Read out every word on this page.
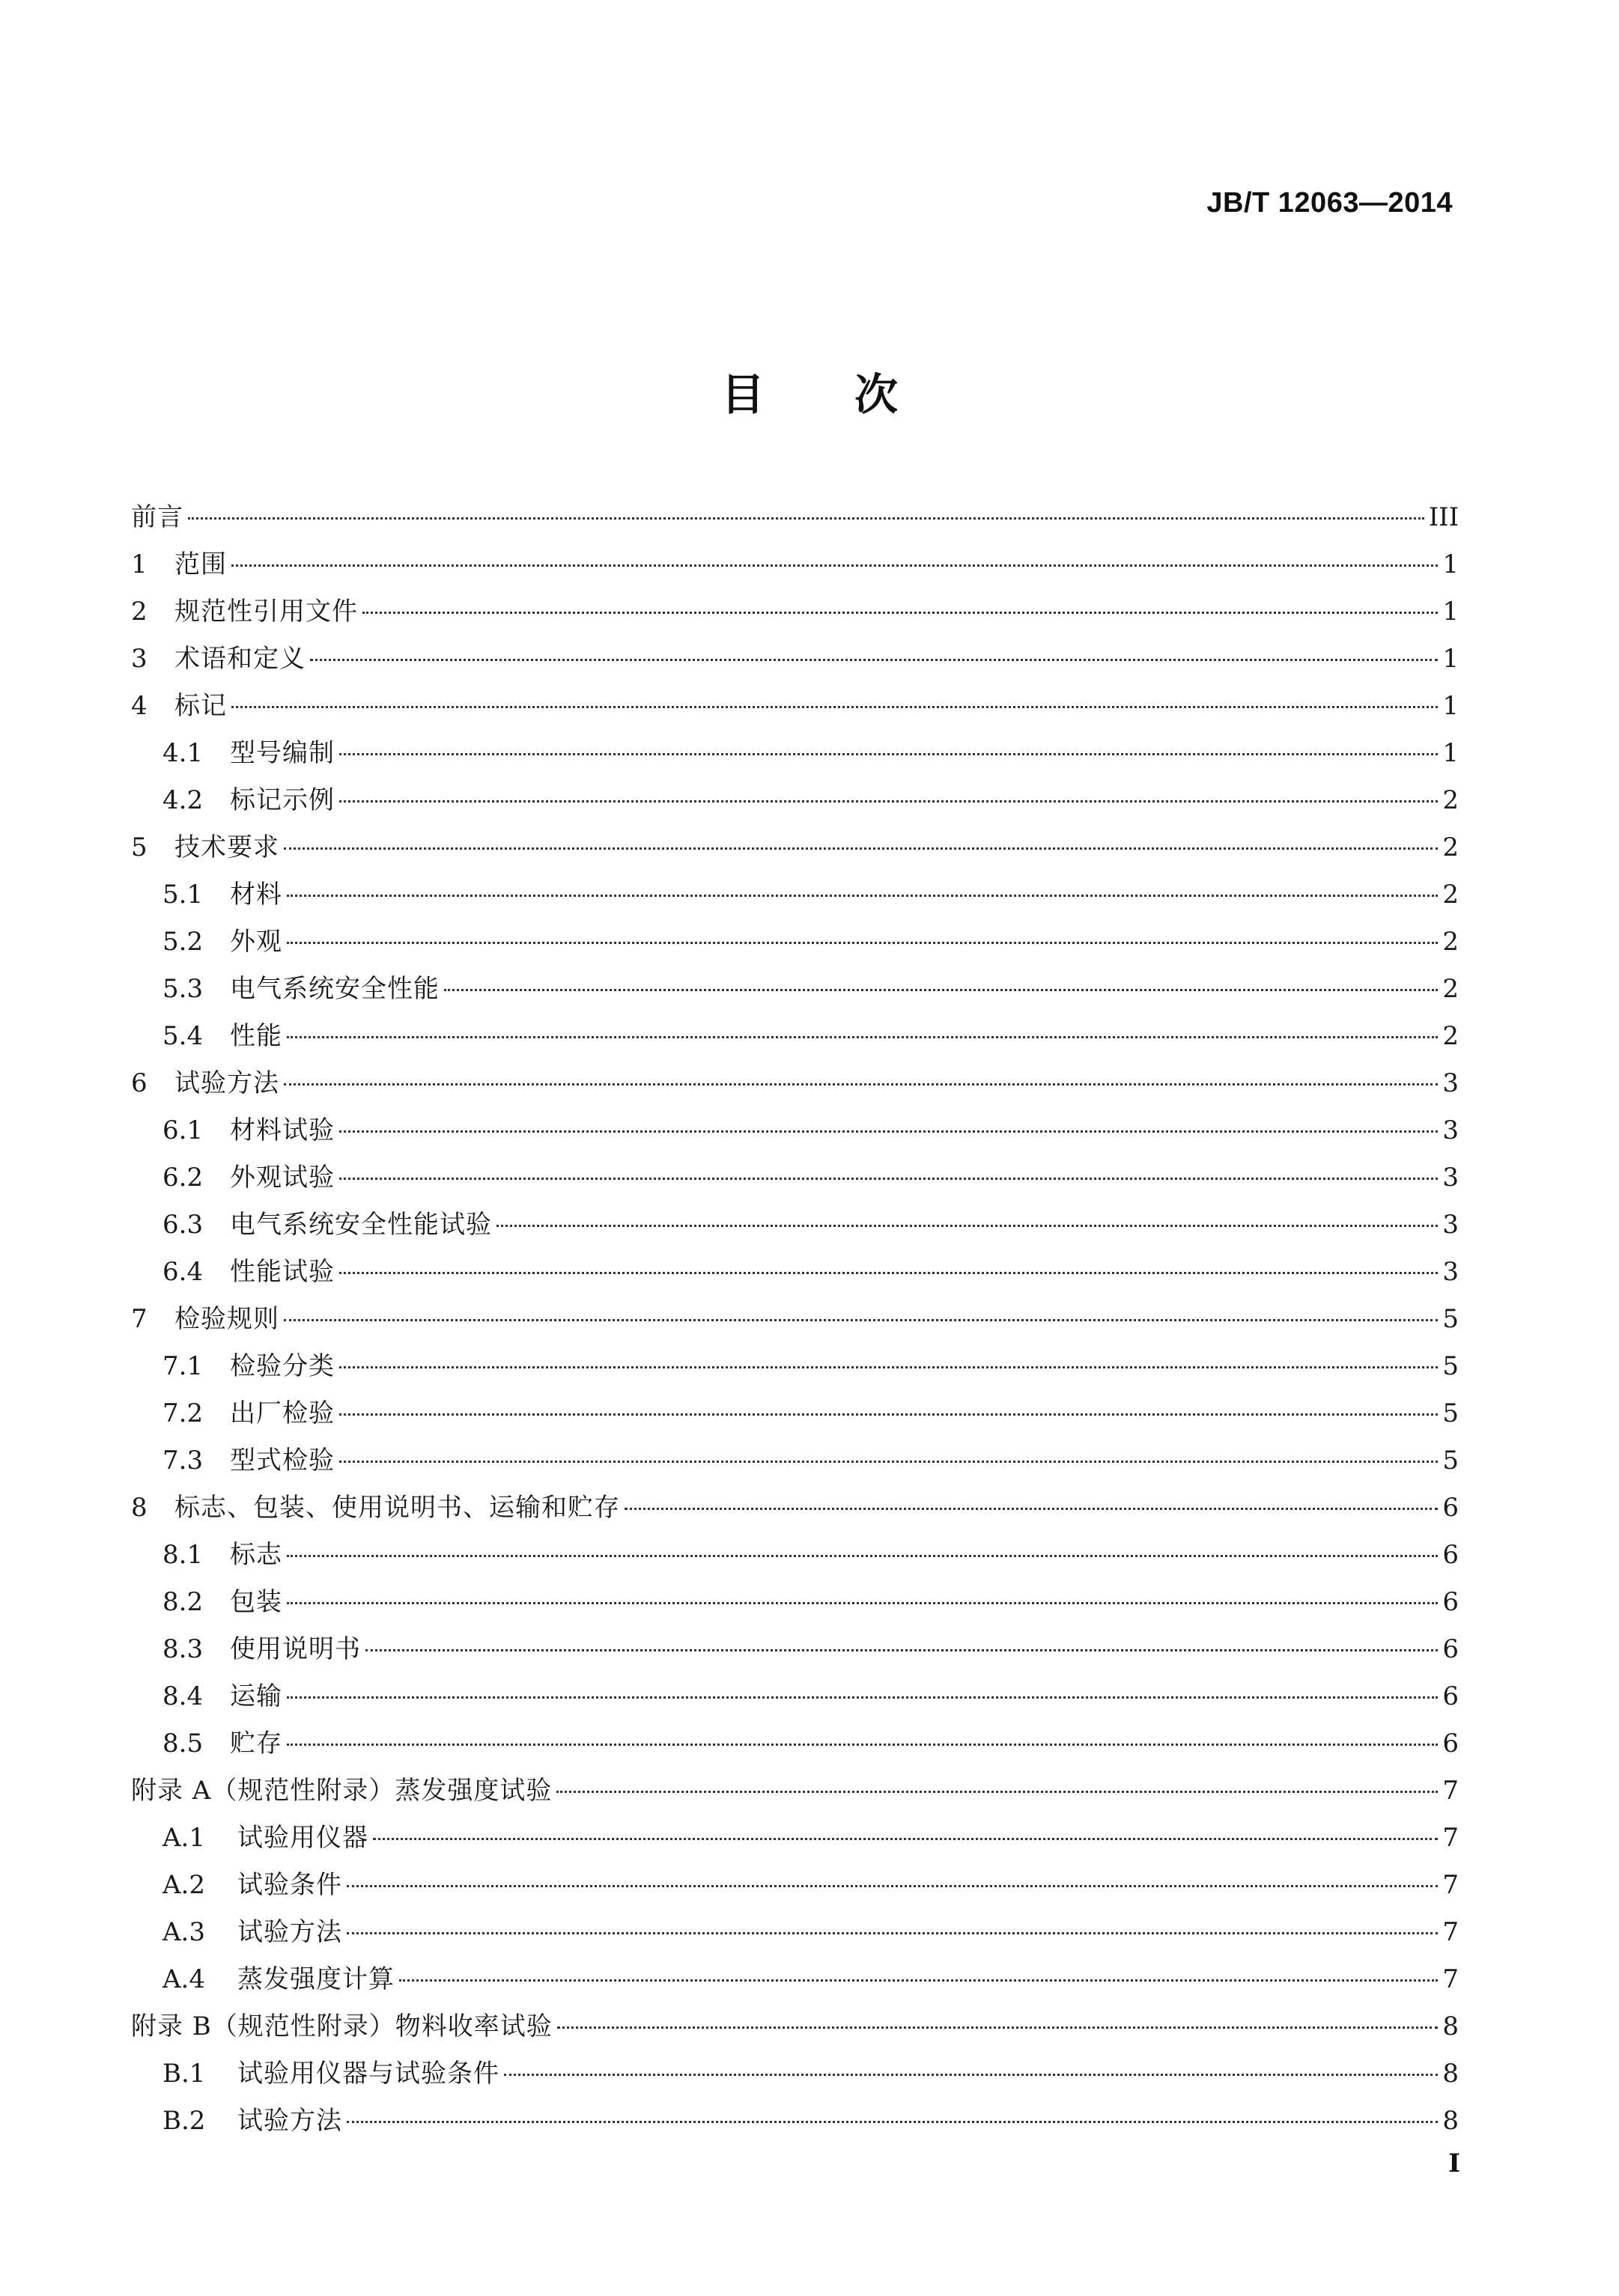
JB/T 12063—2014
目 次
前言	III
1	范围	1
2	规范性引用文件	1
3	术语和定义	1
4	标记	1
4.1	型号编制	1
4.2	标记示例	2
5	技术要求	2
5.1	材料	2
5.2	外观	2
5.3	电气系统安全性能	2
5.4	性能	2
6	试验方法	3
6.1	材料试验	3
6.2	外观试验	3
6.3	电气系统安全性能试验	3
6.4	性能试验	3
7	检验规则	5
7.1	检验分类	5
7.2	出厂检验	5
7.3	型式检验	5
8	标志、包装、使用说明书、运输和贮存	6
8.1	标志	6
8.2	包装	6
8.3	使用说明书	6
8.4	运输	6
8.5	贮存	6
附录 A（规范性附录）蒸发强度试验	7
A.1	试验用仪器	7
A.2	试验条件	7
A.3	试验方法	7
A.4	蒸发强度计算	7
附录 B（规范性附录）物料收率试验	8
B.1	试验用仪器与试验条件	8
B.2	试验方法	8
I
